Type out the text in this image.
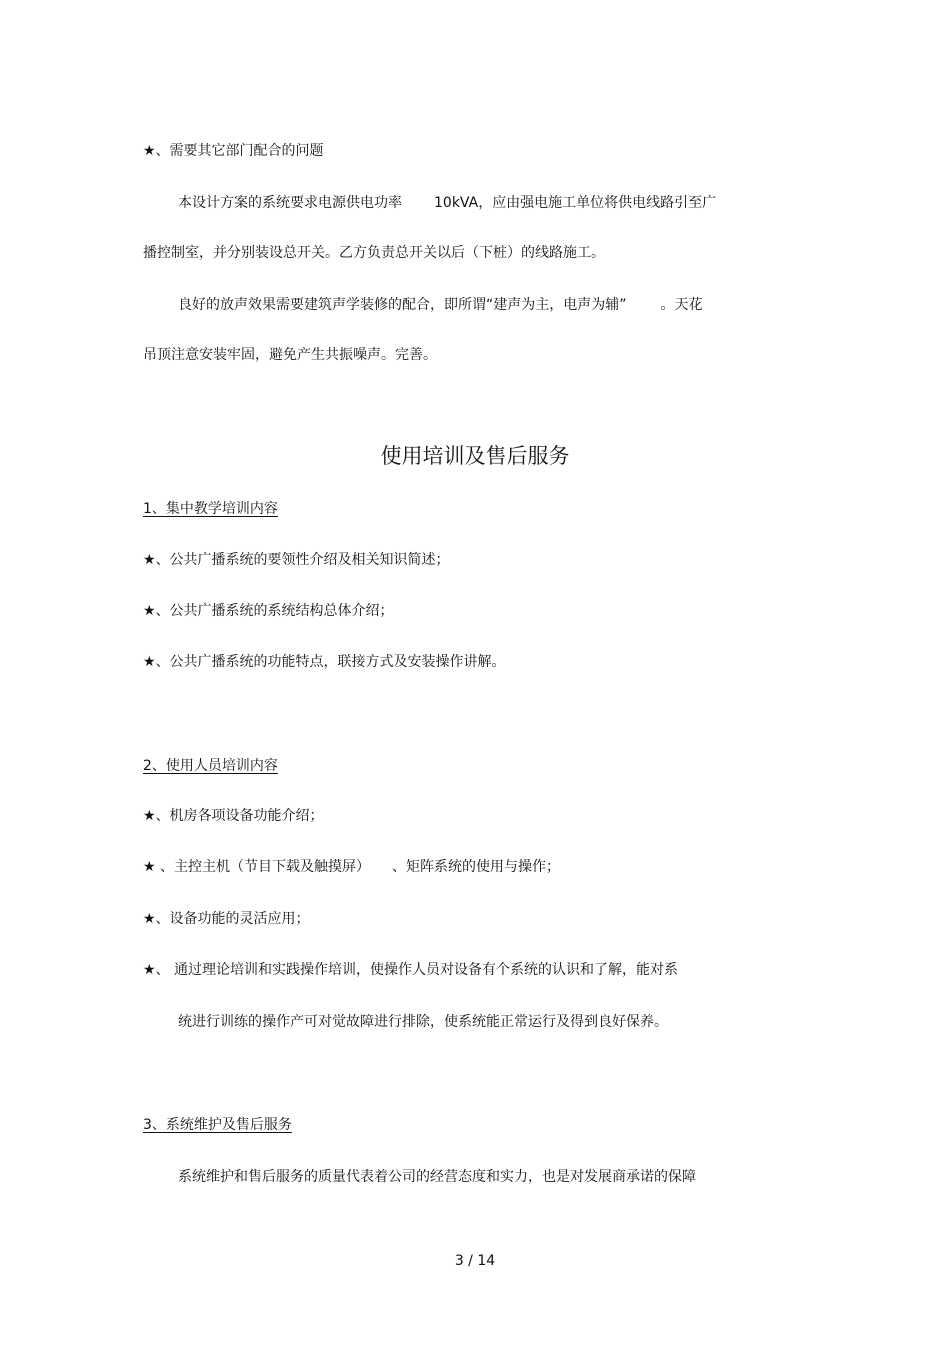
★、需要其它部门配合的问题
本设计方案的系统要求电源供电功率 10kVA，应由强电施工单位将供电线路引至广
播控制室，并分别装设总开关。乙方负责总开关以后（下桩）的线路施工。
良好的放声效果需要建筑声学装修的配合，即所谓“建声为主，电声为辅” 。天花
吊顶注意安装牢固，避免产生共振噪声。完善。
使用培训及售后服务
1、集中教学培训内容
★ 、公共广播系统的要领性介绍及相关知识简述；
★ 、公共广播系统的系统结构总体介绍；
★ 、公共广播系统的功能特点，联接方式及安装操作讲解。
2、使用人员培训内容
★ 、机房各项设备功能介绍；
★ 、主控主机（节目下载及触摸屏） 、矩阵系统的使用与操作；
★ 、设备功能的灵活应用；
★ 、 通过理论培训和实践操作培训，使操作人员对设备有个系统的认识和了解，能对系
统进行训练的操作产可对觉故障进行排除，使系统能正常运行及得到良好保养。
3、系统维护及售后服务
系统维护和售后服务的质量代表着公司的经营态度和实力，也是对发展商承诺的保障
3 / 14
